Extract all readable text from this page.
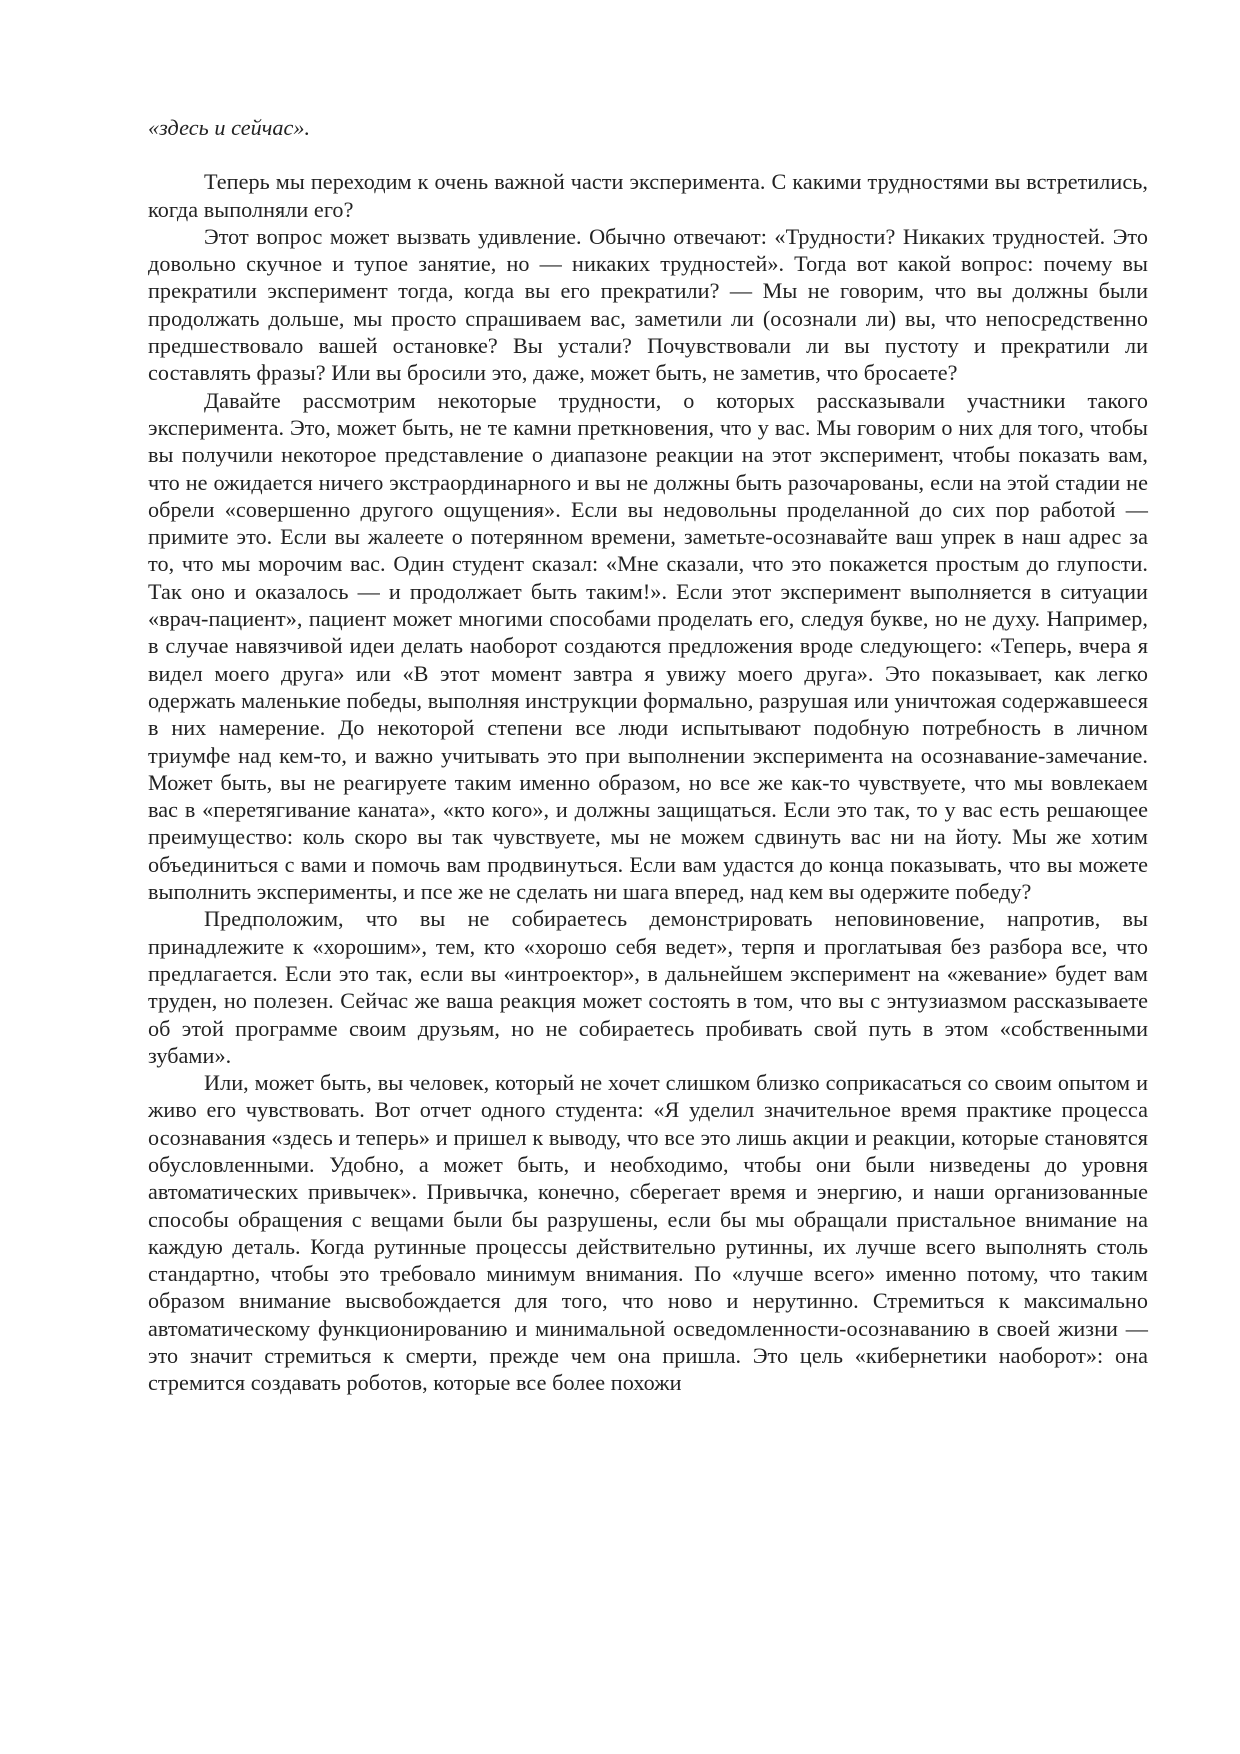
«здесь и сейчас».

Теперь мы переходим к очень важной части эксперимента. С какими трудностями вы встретились, когда выполняли его?

Этот вопрос может вызвать удивление. Обычно отвечают: «Трудности? Никаких трудностей. Это довольно скучное и тупое занятие, но — никаких трудностей». Тогда вот какой вопрос: почему вы прекратили эксперимент тогда, когда вы его прекратили? — Мы не говорим, что вы должны были продолжать дольше, мы просто спрашиваем вас, заметили ли (осознали ли) вы, что непосредственно предшествовало вашей остановке? Вы устали? Почувствовали ли вы пустоту и прекратили ли составлять фразы? Или вы бросили это, даже, может быть, не заметив, что бросаете?

Давайте рассмотрим некоторые трудности, о которых рассказывали участники такого эксперимента. Это, может быть, не те камни преткновения, что у вас. Мы говорим о них для того, чтобы вы получили некоторое представление о диапазоне реакции на этот эксперимент, чтобы показать вам, что не ожидается ничего экстраординарного и вы не должны быть разочарованы, если на этой стадии не обрели «совершенно другого ощущения». Если вы недовольны проделанной до сих пор работой — примите это. Если вы жалеете о потерянном времени, заметьте-осознавайте ваш упрек в наш адрес за то, что мы морочим вас. Один студент сказал: «Мне сказали, что это покажется простым до глупости. Так оно и оказалось — и продолжает быть таким!». Если этот эксперимент выполняется в ситуации «врач-пациент», пациент может многими способами проделать его, следуя букве, но не духу. Например, в случае навязчивой идеи делать наоборот создаются предложения вроде следующего: «Теперь, вчера я видел моего друга» или «В этот момент завтра я увижу моего друга». Это показывает, как легко одержать маленькие победы, выполняя инструкции формально, разрушая или уничтожая содержавшееся в них намерение. До некоторой степени все люди испытывают подобную потребность в личном триумфе над кем-то, и важно учитывать это при выполнении эксперимента на осознавание-замечание. Может быть, вы не реагируете таким именно образом, но все же как-то чувствуете, что мы вовлекаем вас в «перетягивание каната», «кто кого», и должны защищаться. Если это так, то у вас есть решающее преимущество: коль скоро вы так чувствуете, мы не можем сдвинуть вас ни на йоту. Мы же хотим объединиться с вами и помочь вам продвинуться. Если вам удастся до конца показывать, что вы можете выполнить эксперименты, и псе же не сделать ни шага вперед, над кем вы одержите победу?

Предположим, что вы не собираетесь демонстрировать неповиновение, напротив, вы принадлежите к «хорошим», тем, кто «хорошо себя ведет», терпя и проглатывая без разбора все, что предлагается. Если это так, если вы «интроектор», в дальнейшем эксперимент на «жевание» будет вам труден, но полезен. Сейчас же ваша реакция может состоять в том, что вы с энтузиазмом рассказываете об этой программе своим друзьям, но не собираетесь пробивать свой путь в этом «собственными зубами».

Или, может быть, вы человек, который не хочет слишком близко соприкасаться со своим опытом и живо его чувствовать. Вот отчет одного студента: «Я уделил значительное время практике процесса осознавания «здесь и теперь» и пришел к выводу, что все это лишь акции и реакции, которые становятся обусловленными. Удобно, а может быть, и необходимо, чтобы они были низведены до уровня автоматических привычек». Привычка, конечно, сберегает время и энергию, и наши организованные способы обращения с вещами были бы разрушены, если бы мы обращали пристальное внимание на каждую деталь. Когда рутинные процессы действительно рутинны, их лучше всего выполнять столь стандартно, чтобы это требовало минимум внимания. По «лучше всего» именно потому, что таким образом внимание высвобождается для того, что ново и нерутинно. Стремиться к максимально автоматическому функционированию и минимальной осведомленности-осознаванию в своей жизни — это значит стремиться к смерти, прежде чем она пришла. Это цель «кибернетики наоборот»: она стремится создавать роботов, которые все более похожи
